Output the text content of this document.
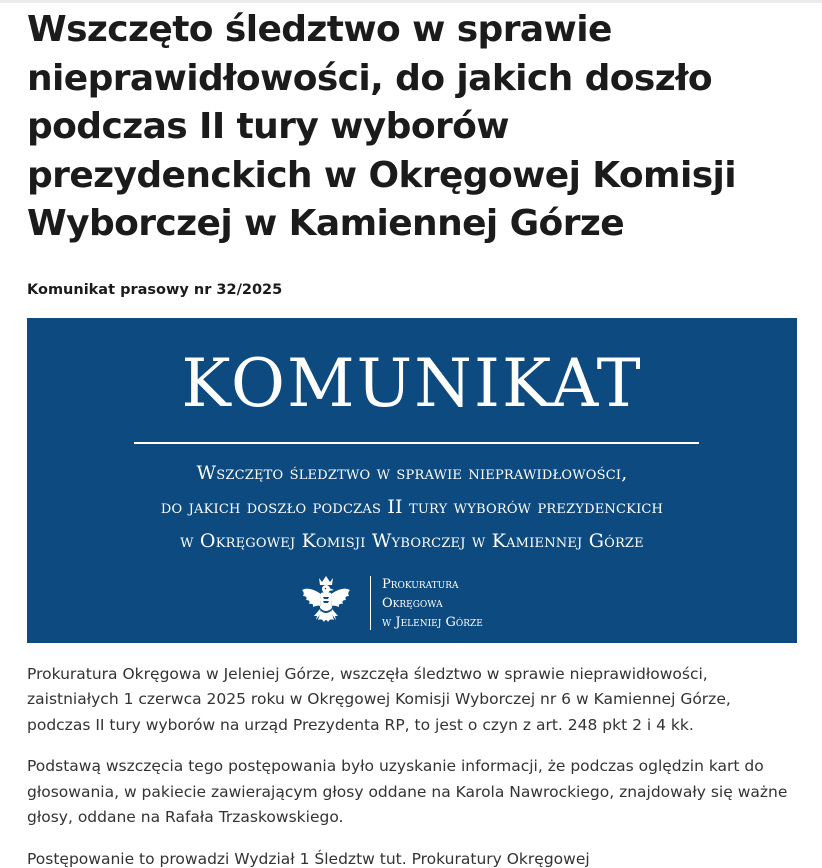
Wszczęto śledztwo w sprawie nieprawidłowości, do jakich doszło podczas II tury wyborów prezydenckich w Okręgowej Komisji Wyborczej w Kamiennej Górze
Komunikat prasowy nr 32/2025
KOMUNIKAT
Wszczęto śledztwo w sprawie nieprawidłowości,
do jakich doszło podczas II tury wyborów prezydenckich
w Okręgowej Komisji Wyborczej w Kamiennej Górze
Prokuratura
Okręgowa
w Jeleniej Górze

Prokuratura Okręgowa w Jeleniej Górze, wszczęła śledztwo w sprawie nieprawidłowości, zaistniałych 1 czerwca 2025 roku w Okręgowej Komisji Wyborczej nr 6 w Kamiennej Górze, podczas II tury wyborów na urząd Prezydenta RP, to jest o czyn z art. 248 pkt 2 i 4 kk.

Podstawą wszczęcia tego postępowania było uzyskanie informacji, że podczas oględzin kart do głosowania, w pakiecie zawierającym głosy oddane na Karola Nawrockiego, znajdowały się ważne głosy, oddane na Rafała Trzaskowskiego.

Postępowanie to prowadzi Wydział 1 Śledztw tut. Prokuratury Okręgowej
